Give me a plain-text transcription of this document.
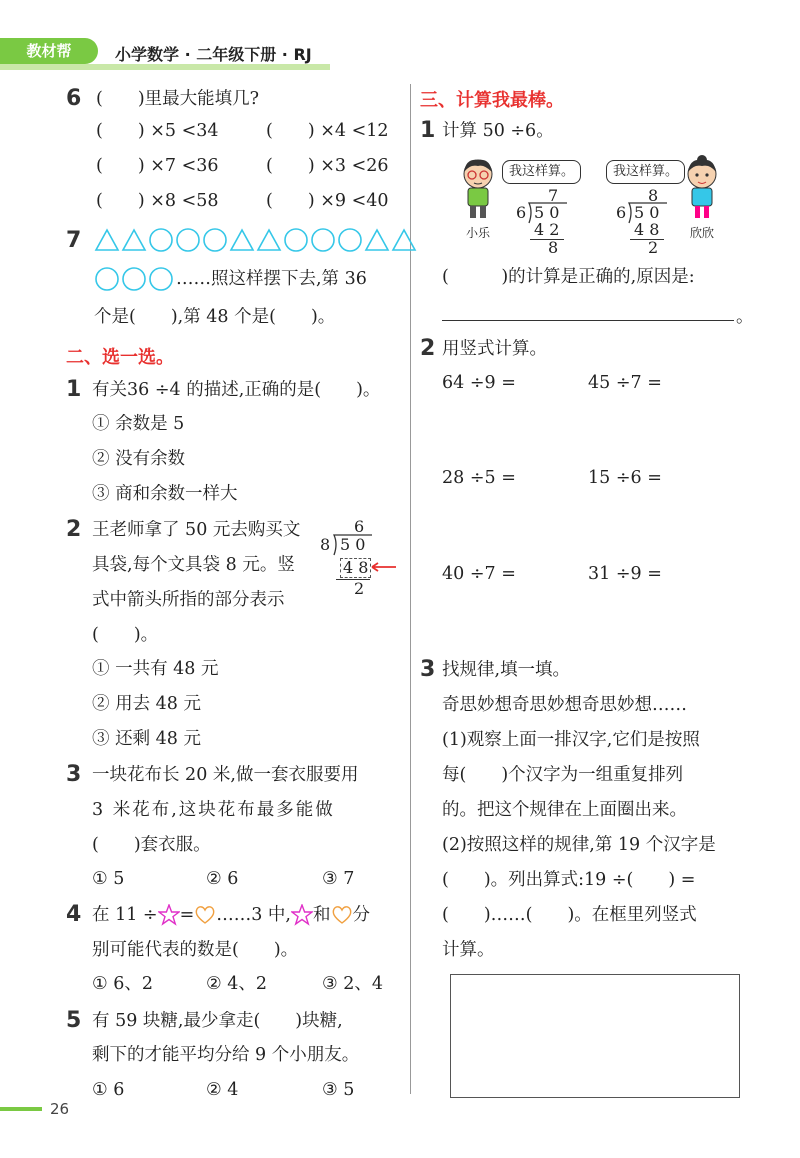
教材帮	小学数学 · 二年级下册 · RJ
6 (　　)里最大能填几?
(　　) ×5 <34	(　　) ×4 <12
(　　) ×7 <36	(　　) ×3 <26
(　　) ×8 <58	(　　) ×9 <40
7
……照这样摆下去,第 36
个是(　　),第 48 个是(　　)。
二、选一选。
1 有关36 ÷4 的描述,正确的是(　　)。
① 余数是 5
② 没有余数
③ 商和余数一样大
2 王老师拿了 50 元去购买文
具袋,每个文具袋 8 元。竖
式中箭头所指的部分表示
(　　)。
6
8 5 0
4 8
2
① 一共有 48 元
② 用去 48 元
③ 还剩 48 元
3 一块花布长 20 米,做一套衣服要用
3 米花布,这块花布最多能做
(　　)套衣服。
① 5	② 6	③ 7
4 在 11 ÷ = ……3 中, 和 分
别可能代表的数是(　　)。
① 6、2	② 4、2	③ 2、4
5 有 59 块糖,最少拿走(　　)块糖,
剩下的才能平均分给 9 个小朋友。
① 6	② 4	③ 5
三、计算我最棒。
1 计算 50 ÷6。
小乐
我这样算。
7
6 5 0
4 2
8
我这样算。
8
6 5 0
4 8
2
欣欣
(　　　)的计算是正确的,原因是:
。
2 用竖式计算。
64 ÷9 =	45 ÷7 =
28 ÷5 =	15 ÷6 =
40 ÷7 =	31 ÷9 =
3 找规律,填一填。
奇思妙想奇思妙想奇思妙想……
(1)观察上面一排汉字,它们是按照
每(　　)个汉字为一组重复排列
的。把这个规律在上面圈出来。
(2)按照这样的规律,第 19 个汉字是
(　　)。列出算式:19 ÷(　　) =
(　　)……(　　)。在框里列竖式
计算。
26
